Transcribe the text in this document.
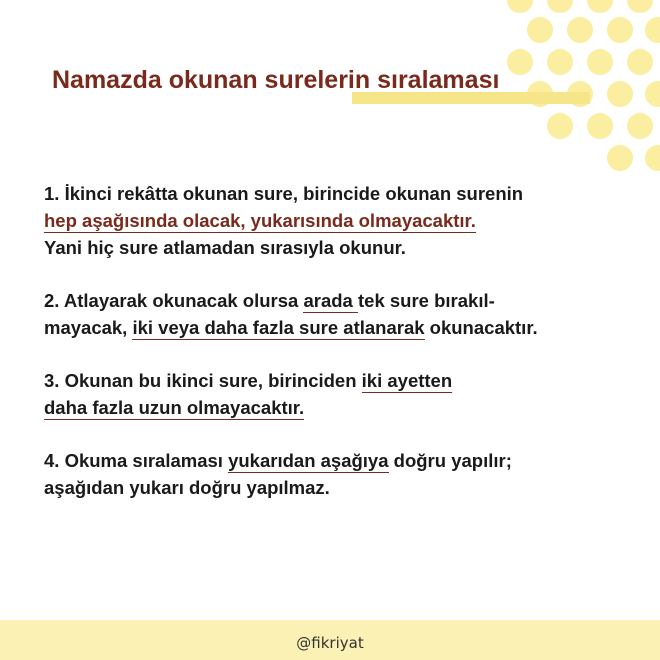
Namazda okunan surelerin sıralaması

1. İkinci rekâtta okunan sure, birincide okunan surenin
hep aşağısında olacak, yukarısında olmayacaktır.
Yani hiç sure atlamadan sırasıyla okunur.

2. Atlayarak okunacak olursa arada tek sure bırakıl-
mayacak, iki veya daha fazla sure atlanarak okunacaktır.

3. Okunan bu ikinci sure, birinciden iki ayetten
daha fazla uzun olmayacaktır.

4. Okuma sıralaması yukarıdan aşağıya doğru yapılır;
aşağıdan yukarı doğru yapılmaz.

@fikriyat
